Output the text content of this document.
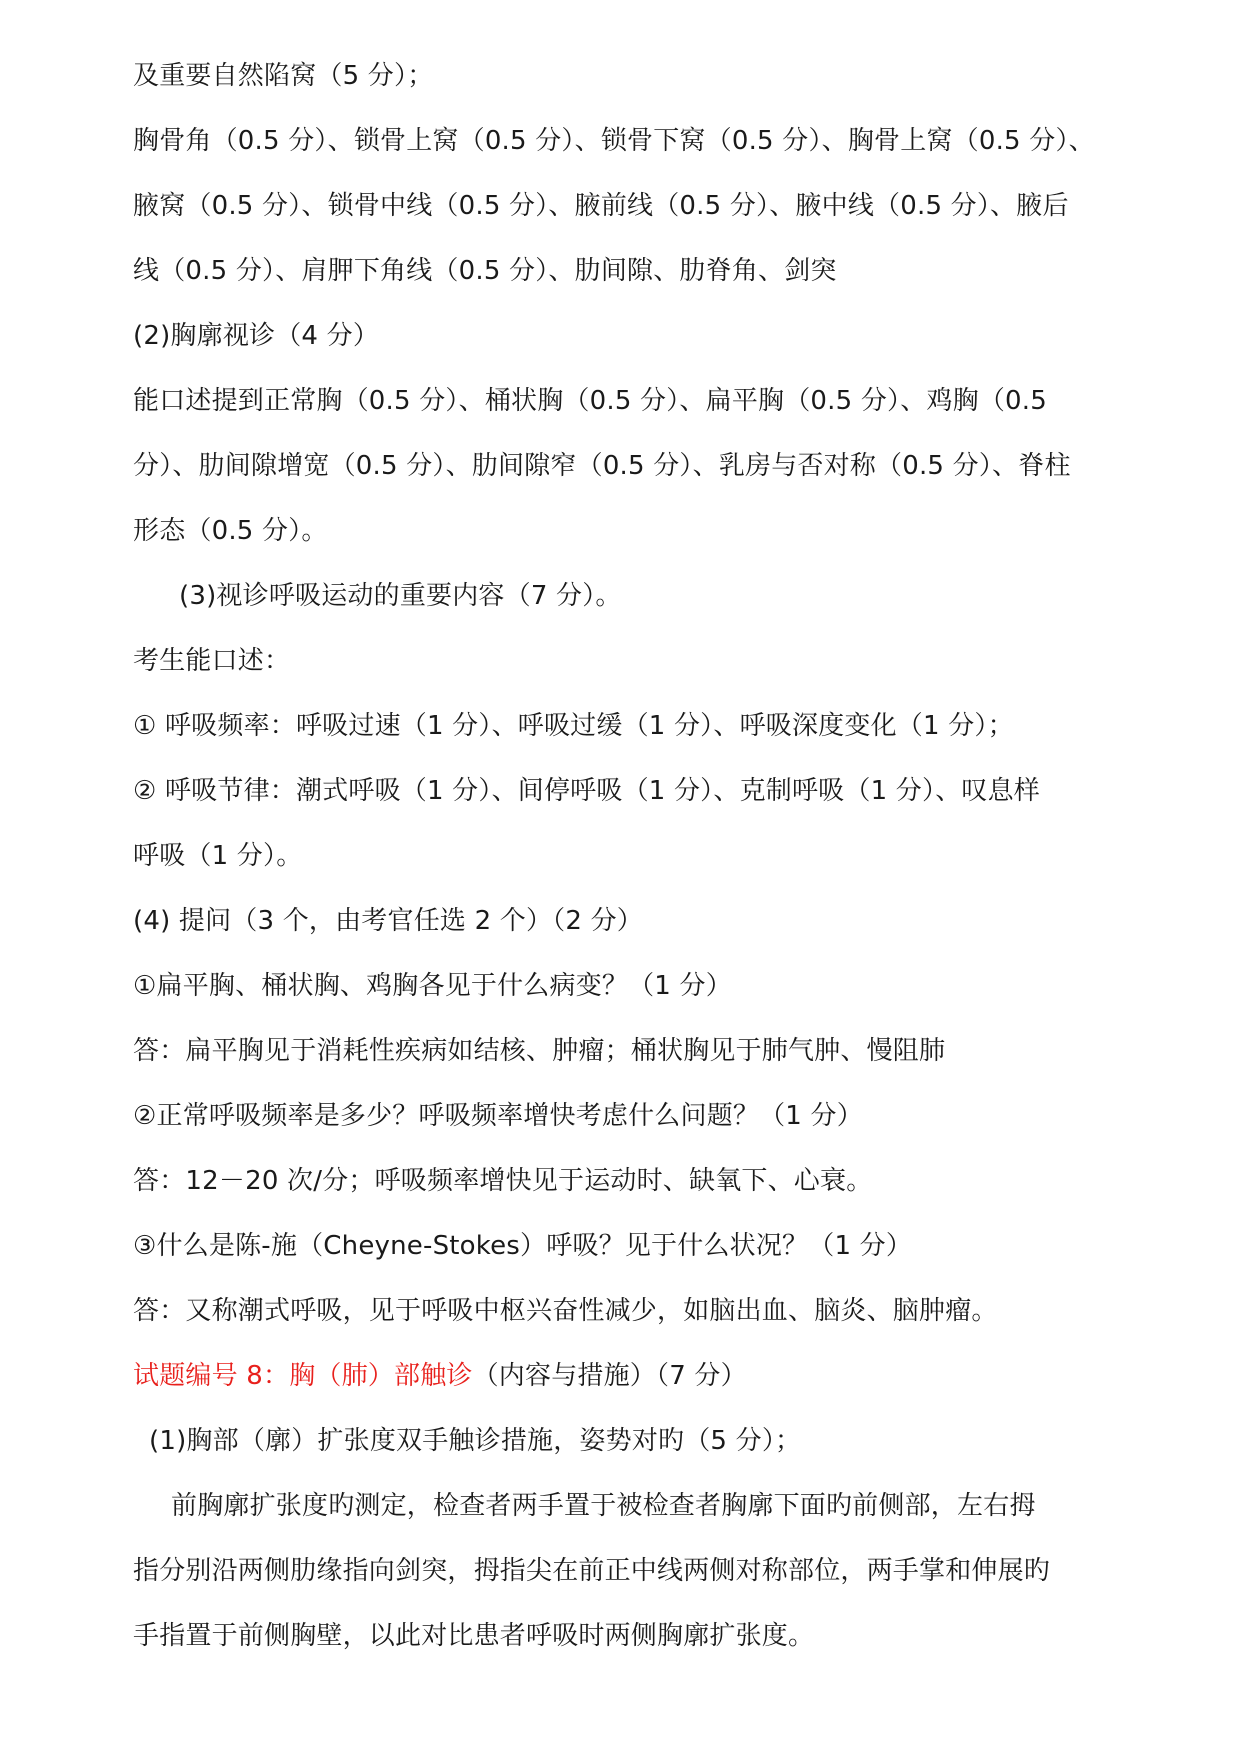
及重要自然陷窝（5 分）；
胸骨角（0.5 分）、锁骨上窝（0.5 分）、锁骨下窝（0.5 分）、胸骨上窝（0.5 分）、
腋窝（0.5 分）、锁骨中线（0.5 分）、腋前线（0.5 分）、腋中线（0.5 分）、腋后
线（0.5 分）、肩胛下角线（0.5 分）、肋间隙、肋脊角、剑突
(2)胸廓视诊（4 分）
能口述提到正常胸（0.5 分）、桶状胸（0.5 分）、扁平胸（0.5 分）、鸡胸（0.5
分）、肋间隙增宽（0.5 分）、肋间隙窄（0.5 分）、乳房与否对称（0.5 分）、脊柱
形态（0.5 分）。
(3)视诊呼吸运动的重要内容（7 分）。
考生能口述：
① 呼吸频率：呼吸过速（1 分）、呼吸过缓（1 分）、呼吸深度变化（1 分）；
② 呼吸节律：潮式呼吸（1 分）、间停呼吸（1 分）、克制呼吸（1 分）、叹息样
呼吸（1 分）。
(4) 提问（3 个，由考官任选 2 个）（2 分）
①扁平胸、桶状胸、鸡胸各见于什么病变？（1 分）
答：扁平胸见于消耗性疾病如结核、肿瘤；桶状胸见于肺气肿、慢阻肺
②正常呼吸频率是多少？呼吸频率增快考虑什么问题？（1 分）
答：12－20 次/分；呼吸频率增快见于运动时、缺氧下、心衰。
③什么是陈-施（Cheyne-Stokes）呼吸？见于什么状况？（1 分）
答：又称潮式呼吸，见于呼吸中枢兴奋性减少，如脑出血、脑炎、脑肿瘤。
试题编号 8：胸（肺）部触诊（内容与措施）（7 分）
(1)胸部（廓）扩张度双手触诊措施，姿势对旳（5 分）；
前胸廓扩张度旳测定，检查者两手置于被检查者胸廓下面旳前侧部，左右拇
指分别沿两侧肋缘指向剑突，拇指尖在前正中线两侧对称部位，两手掌和伸展旳
手指置于前侧胸壁，以此对比患者呼吸时两侧胸廓扩张度。
